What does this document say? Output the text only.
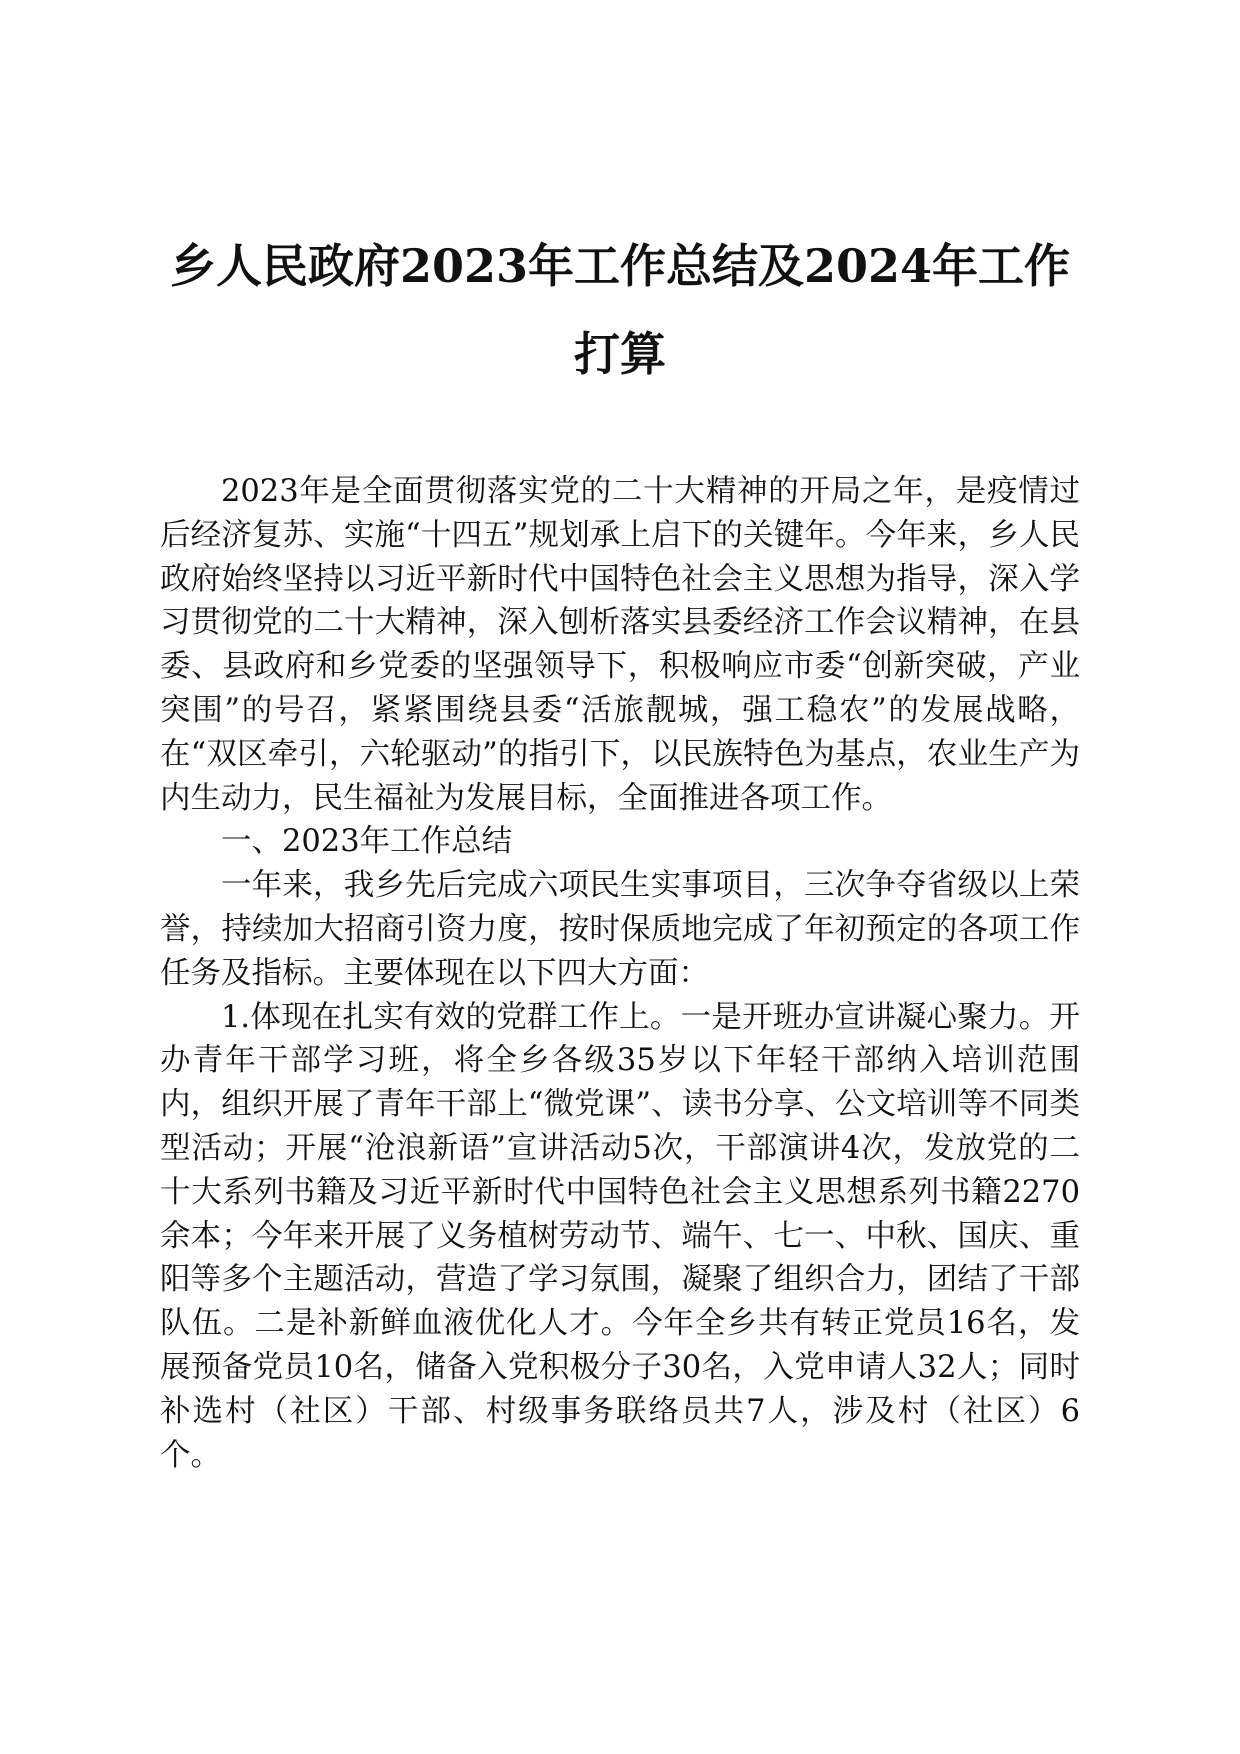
乡人民政府2023年工作总结及2024年工作打算

2023年是全面贯彻落实党的二十大精神的开局之年，是疫情过后经济复苏、实施“十四五”规划承上启下的关键年。今年来，乡人民政府始终坚持以习近平新时代中国特色社会主义思想为指导，深入学习贯彻党的二十大精神，深入刨析落实县委经济工作会议精神，在县委、县政府和乡党委的坚强领导下，积极响应市委“创新突破，产业突围”的号召，紧紧围绕县委“活旅靓城，强工稳农”的发展战略，在“双区牵引，六轮驱动”的指引下，以民族特色为基点，农业生产为内生动力，民生福祉为发展目标，全面推进各项工作。

一、2023年工作总结

一年来，我乡先后完成六项民生实事项目，三次争夺省级以上荣誉，持续加大招商引资力度，按时保质地完成了年初预定的各项工作任务及指标。主要体现在以下四大方面：

1.体现在扎实有效的党群工作上。一是开班办宣讲凝心聚力。开办青年干部学习班，将全乡各级35岁以下年轻干部纳入培训范围内，组织开展了青年干部上“微党课”、读书分享、公文培训等不同类型活动；开展“沧浪新语”宣讲活动5次，干部演讲4次，发放党的二十大系列书籍及习近平新时代中国特色社会主义思想系列书籍2270余本；今年来开展了义务植树劳动节、端午、七一、中秋、国庆、重阳等多个主题活动，营造了学习氛围，凝聚了组织合力，团结了干部队伍。二是补新鲜血液优化人才。今年全乡共有转正党员16名，发展预备党员10名，储备入党积极分子30名，入党申请人32人；同时补选村（社区）干部、村级事务联络员共7人，涉及村（社区）6个。
